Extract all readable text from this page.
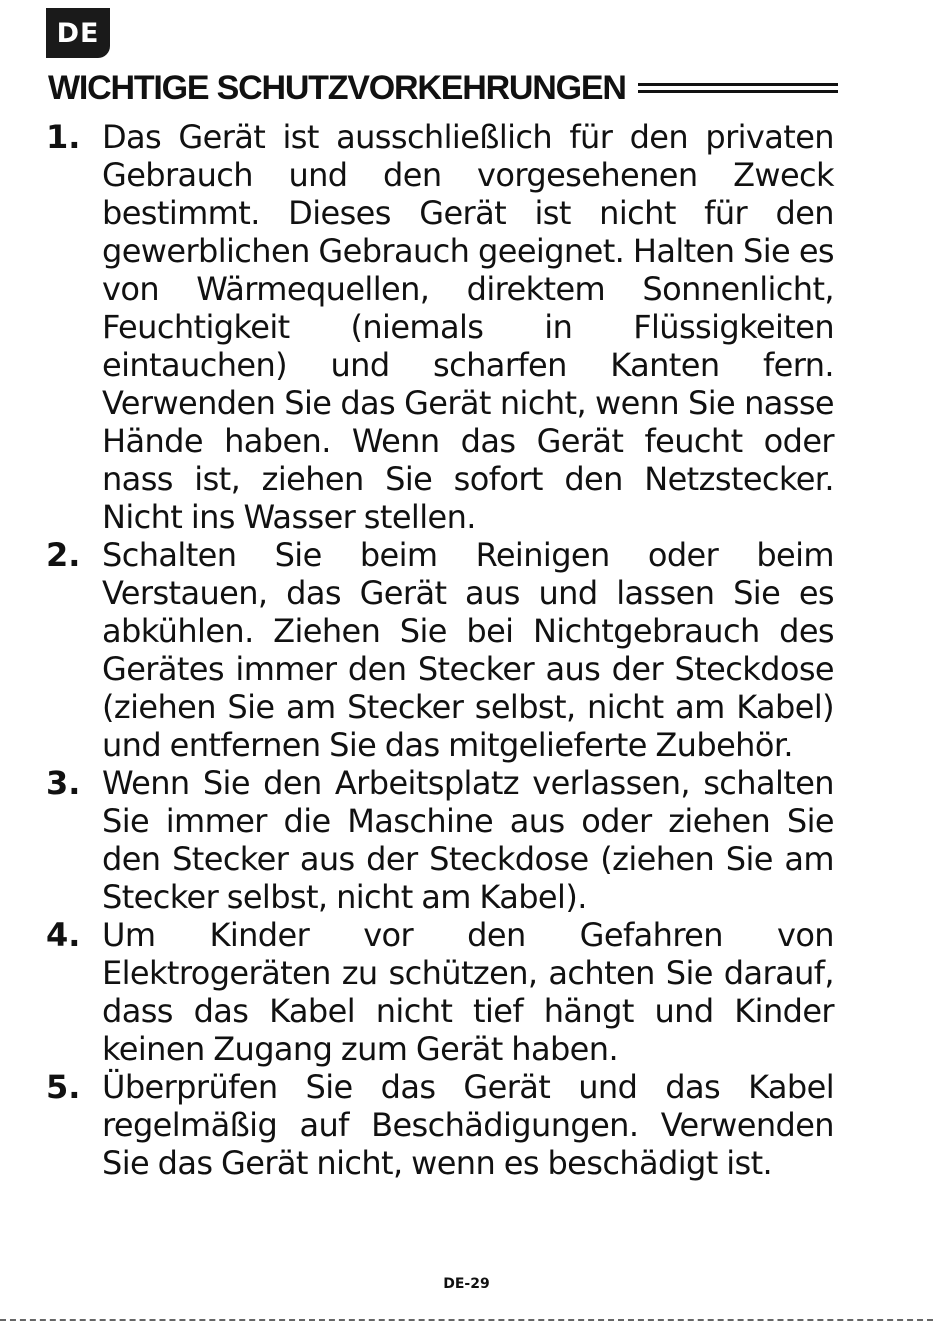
DE
WICHTIGE SCHUTZVORKEHRUNGEN
1. Das Gerät ist ausschließlich für den privaten Gebrauch und den vorgesehenen Zweck bestimmt. Dieses Gerät ist nicht für den gewerblichen Gebrauch geeignet. Halten Sie es von Wärmequellen, direktem Sonnenlicht, Feuchtigkeit (niemals in Flüssigkeiten eintauchen) und scharfen Kanten fern. Verwenden Sie das Gerät nicht, wenn Sie nasse Hände haben. Wenn das Gerät feucht oder nass ist, ziehen Sie sofort den Netzstecker. Nicht ins Wasser stellen.
2. Schalten Sie beim Reinigen oder beim Verstauen, das Gerät aus und lassen Sie es abkühlen. Ziehen Sie bei Nichtgebrauch des Gerätes immer den Stecker aus der Steckdose (ziehen Sie am Stecker selbst, nicht am Kabel) und entfernen Sie das mitgelieferte Zubehör.
3. Wenn Sie den Arbeitsplatz verlassen, schalten Sie immer die Maschine aus oder ziehen Sie den Stecker aus der Steckdose (ziehen Sie am Stecker selbst, nicht am Kabel).
4. Um Kinder vor den Gefahren von Elektrogeräten zu schützen, achten Sie darauf, dass das Kabel nicht tief hängt und Kinder keinen Zugang zum Gerät haben.
5. Überprüfen Sie das Gerät und das Kabel regelmäßig auf Beschädigungen. Verwenden Sie das Gerät nicht, wenn es beschädigt ist.
DE-29
